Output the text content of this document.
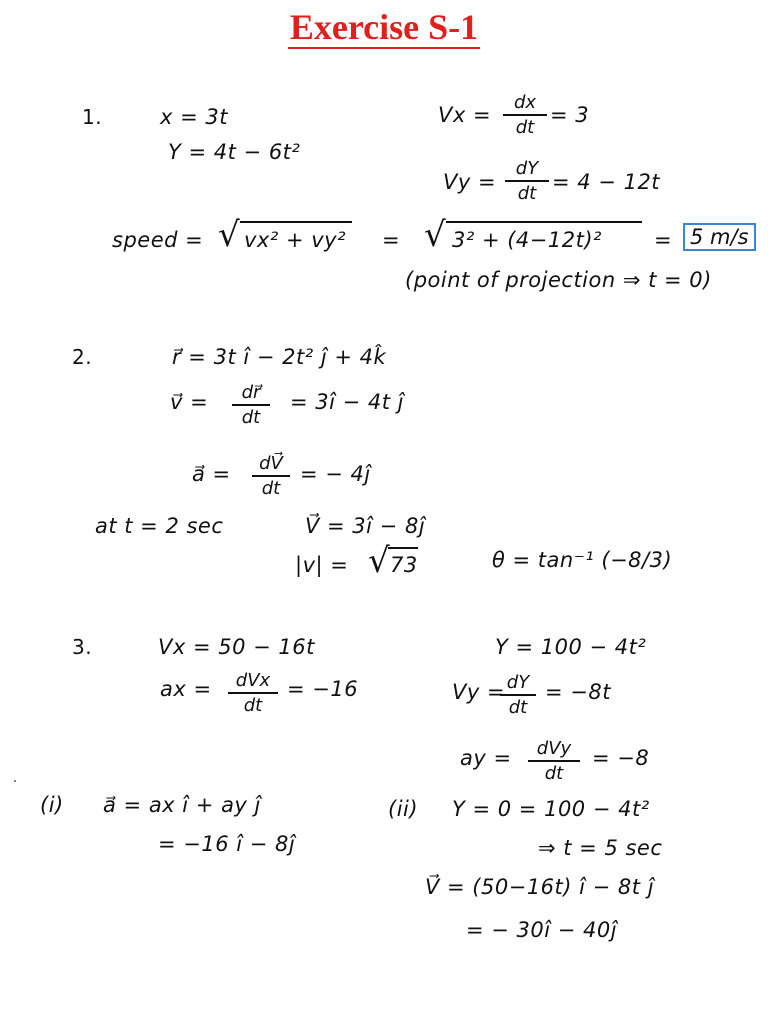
Exercise S-1
1.	x = 3t
Y = 4t − 6t²
$Vx = \frac{dx}{dt} = 3$
$Vy = \frac{dY}{dt} = 4 - 12t$
speed = √ vx² + vy² = √ 3² + (4−12t)² = 5 m/s
(point of projection ⇒ t = 0)
2.	r⃗ = 3t î − 2t² ĵ + 4k̂
v⃗ = $\frac{dr⃗}{dt}$ = 3î − 4t ĵ
a⃗ = $\frac{dV⃗}{dt}$ = − 4ĵ
at t = 2 sec	V⃗ = 3î − 8ĵ
|v| = √ 73	θ = tan⁻¹ (−8/3)
3.	Vx = 50 − 16t	Y = 100 − 4t²
ax =	dVx
dt
= −16	Vy =
$\frac{dY}{dt} = -8t$
ay =	dVy
dt
= −8
(i) a⃗ = ax î + ay ĵ
= −16 î − 8ĵ
(ii) Y = 0 = 100 − 4t²
⇒ t = 5 sec
V⃗ = (50−16t) î − 8t ĵ
= − 30î − 40ĵ
